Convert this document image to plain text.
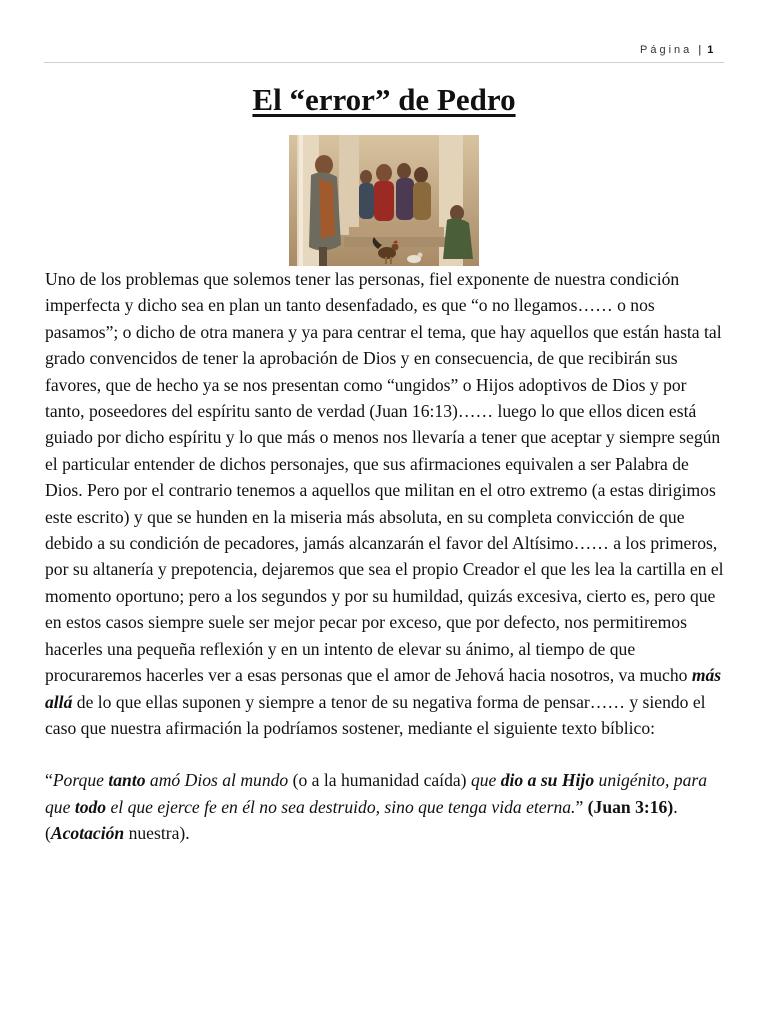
Página | 1
El “error” de Pedro

Uno de los problemas que solemos tener las personas, fiel exponente de nuestra condición imperfecta y dicho sea en plan un tanto desenfadado, es que “o no llegamos…… o nos pasamos”; o dicho de otra manera y ya para centrar el tema, que hay aquellos que están hasta tal grado convencidos de tener la aprobación de Dios y en consecuencia, de que recibirán sus favores, que de hecho ya se nos presentan como “ungidos” o Hijos adoptivos de Dios y por tanto, poseedores del espíritu santo de verdad (Juan 16:13)…… luego lo que ellos dicen está guiado por dicho espíritu y lo que más o menos nos llevaría a tener que aceptar y siempre según el particular entender de dichos personajes, que sus afirmaciones equivalen a ser Palabra de Dios. Pero por el contrario tenemos a aquellos que militan en el otro extremo (a estas dirigimos este escrito) y que se hunden en la miseria más absoluta, en su completa convicción de que debido a su condición de pecadores, jamás alcanzarán el favor del Altísimo…… a los primeros, por su altanería y prepotencia, dejaremos que sea el propio Creador el que les lea la cartilla en el momento oportuno; pero a los segundos y por su humildad, quizás excesiva, cierto es, pero que en estos casos siempre suele ser mejor pecar por exceso, que por defecto, nos permitiremos hacerles una pequeña reflexión y en un intento de elevar su ánimo, al tiempo de que procuraremos hacerles ver a esas personas que el amor de Jehová hacia nosotros, va mucho más allá de lo que ellas suponen y siempre a tenor de su negativa forma de pensar…… y siendo el caso que nuestra afirmación la podríamos sostener, mediante el siguiente texto bíblico:

“Porque tanto amó Dios al mundo (o a la humanidad caída) que dio a su Hijo unigénito, para que todo el que ejerce fe en él no sea destruido, sino que tenga vida eterna.” (Juan 3:16). (Acotación nuestra).
